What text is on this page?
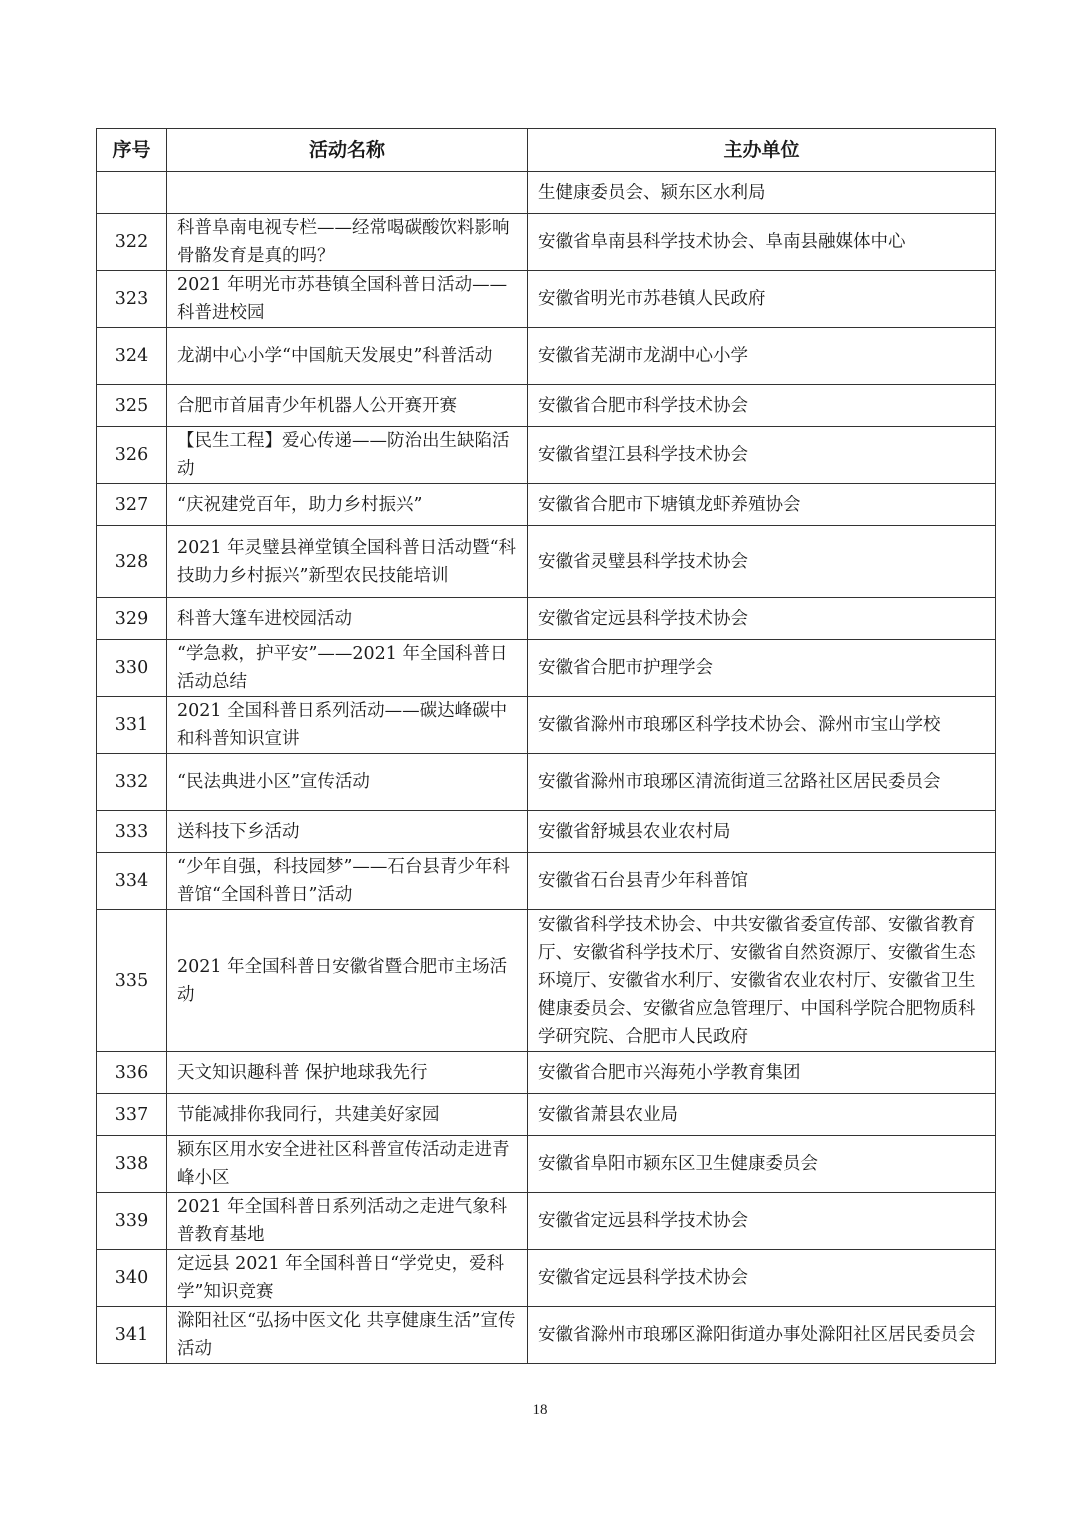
序号	活动名称	主办单位
		生健康委员会、颍东区水利局
322	科普阜南电视专栏——经常喝碳酸饮料影响骨骼发育是真的吗？	安徽省阜南县科学技术协会、阜南县融媒体中心
323	2021 年明光市苏巷镇全国科普日活动——科普进校园	安徽省明光市苏巷镇人民政府
324	龙湖中心小学“中国航天发展史”科普活动	安徽省芜湖市龙湖中心小学
325	合肥市首届青少年机器人公开赛开赛	安徽省合肥市科学技术协会
326	【民生工程】爱心传递——防治出生缺陷活动	安徽省望江县科学技术协会
327	“庆祝建党百年，助力乡村振兴”	安徽省合肥市下塘镇龙虾养殖协会
328	2021 年灵璧县禅堂镇全国科普日活动暨“科技助力乡村振兴”新型农民技能培训	安徽省灵璧县科学技术协会
329	科普大篷车进校园活动	安徽省定远县科学技术协会
330	“学急救，护平安”——2021 年全国科普日活动总结	安徽省合肥市护理学会
331	2021 全国科普日系列活动——碳达峰碳中和科普知识宣讲	安徽省滁州市琅琊区科学技术协会、滁州市宝山学校
332	“民法典进小区”宣传活动	安徽省滁州市琅琊区清流街道三岔路社区居民委员会
333	送科技下乡活动	安徽省舒城县农业农村局
334	“少年自强，科技园梦”——石台县青少年科普馆“全国科普日”活动	安徽省石台县青少年科普馆
335	2021 年全国科普日安徽省暨合肥市主场活动	安徽省科学技术协会、中共安徽省委宣传部、安徽省教育厅、安徽省科学技术厅、安徽省自然资源厅、安徽省生态环境厅、安徽省水利厅、安徽省农业农村厅、安徽省卫生健康委员会、安徽省应急管理厅、中国科学院合肥物质科学研究院、合肥市人民政府
336	天文知识趣科普 保护地球我先行	安徽省合肥市兴海苑小学教育集团
337	节能减排你我同行，共建美好家园	安徽省萧县农业局
338	颍东区用水安全进社区科普宣传活动走进青峰小区	安徽省阜阳市颍东区卫生健康委员会
339	2021 年全国科普日系列活动之走进气象科普教育基地	安徽省定远县科学技术协会
340	定远县 2021 年全国科普日“学党史，爱科学”知识竞赛	安徽省定远县科学技术协会
341	滁阳社区“弘扬中医文化 共享健康生活”宣传活动	安徽省滁州市琅琊区滁阳街道办事处滁阳社区居民委员会
18
